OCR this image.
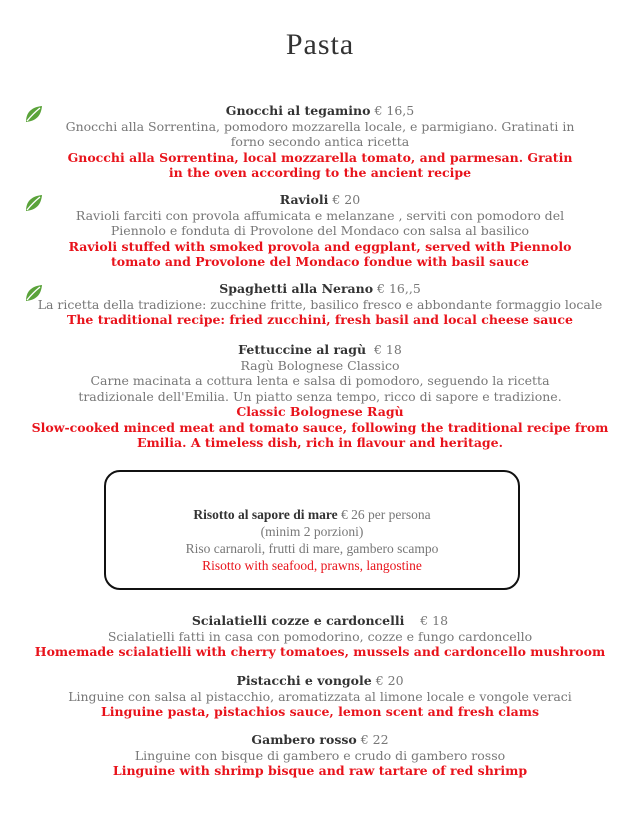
Pasta
Gnocchi al tegamino € 16,5
Gnocchi alla Sorrentina, pomodoro mozzarella locale, e parmigiano. Gratinati in forno secondo antica ricetta
Gnocchi alla Sorrentina, local mozzarella tomato, and parmesan. Gratin in the oven according to the ancient recipe
Ravioli € 20
Ravioli farciti con provola affumicata e melanzane , serviti con pomodoro del Piennolo e fonduta di Provolone del Mondaco con salsa al basilico
Ravioli stuffed with smoked provola and eggplant, served with Piennolo tomato and Provolone del Mondaco fondue with basil sauce
Spaghetti alla Nerano € 16,,5
La ricetta della tradizione: zucchine fritte, basilico fresco e abbondante formaggio locale
The traditional recipe: fried zucchini, fresh basil and local cheese sauce
Fettuccine al ragù € 18
Ragù Bolognese Classico
Carne macinata a cottura lenta e salsa di pomodoro, seguendo la ricetta tradizionale dell'Emilia. Un piatto senza tempo, ricco di sapore e tradizione.
Classic Bolognese Ragù
Slow-cooked minced meat and tomato sauce, following the traditional recipe from Emilia. A timeless dish, rich in flavour and heritage.
Risotto al sapore di mare € 26 per persona
(minim 2 porzioni)
Riso carnaroli, frutti di mare, gambero scampo
Risotto with seafood, prawns, langostine
Scialatielli cozze e cardoncelli € 18
Scialatielli fatti in casa con pomodorino, cozze e fungo cardoncello
Homemade scialatielli with cherry tomatoes, mussels and cardoncello mushroom
Pistacchi e vongole € 20
Linguine con salsa al pistacchio, aromatizzata al limone locale e vongole veraci
Linguine pasta, pistachios sauce, lemon scent and fresh clams
Gambero rosso € 22
Linguine con bisque di gambero e crudo di gambero rosso
Linguine with shrimp bisque and raw tartare of red shrimp
